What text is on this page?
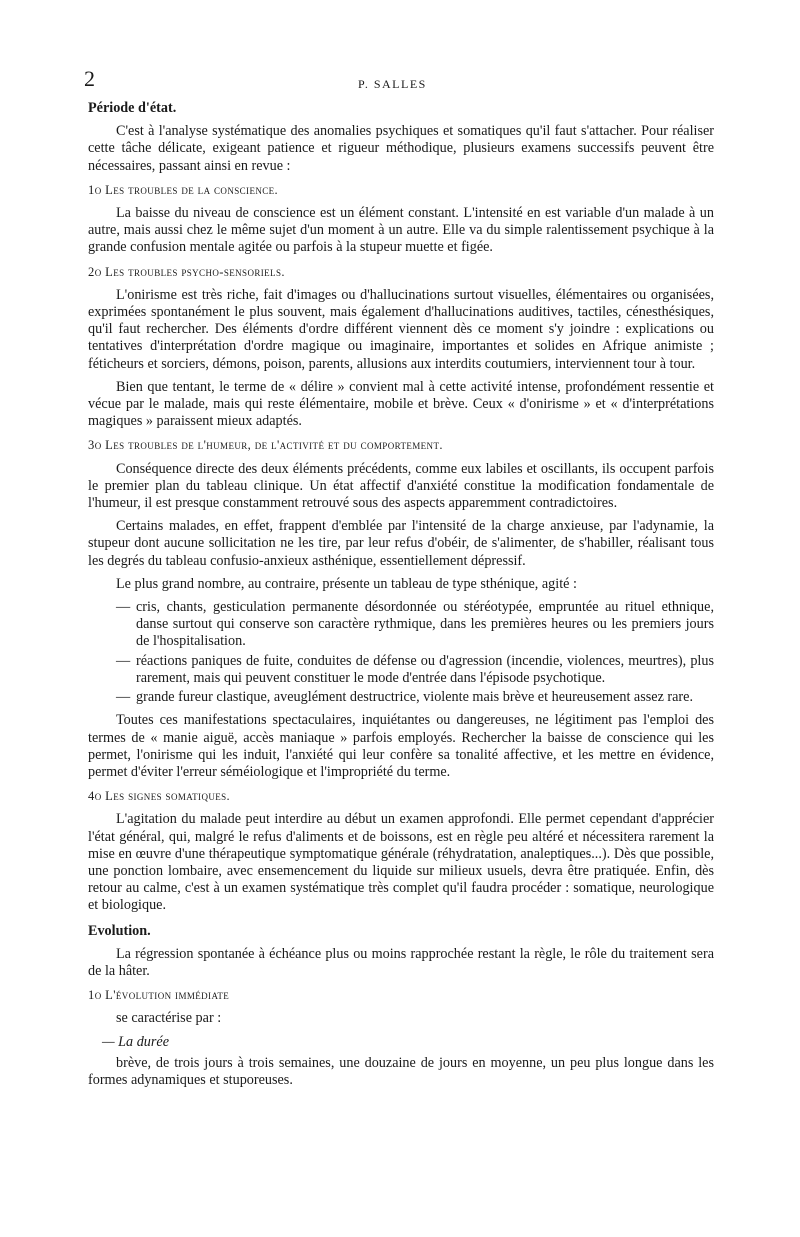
2	P. SALLES
Période d'état.

C'est à l'analyse systématique des anomalies psychiques et somatiques qu'il faut s'attacher. Pour réaliser cette tâche délicate, exigeant patience et rigueur méthodique, plusieurs examens successifs peuvent être nécessaires, passant ainsi en revue :

1o Les troubles de la conscience.

La baisse du niveau de conscience est un élément constant. L'intensité en est variable d'un malade à un autre, mais aussi chez le même sujet d'un moment à un autre. Elle va du simple ralentissement psychique à la grande confusion mentale agitée ou parfois à la stupeur muette et figée.

2o Les troubles psycho-sensoriels.

L'onirisme est très riche, fait d'images ou d'hallucinations surtout visuelles, élémentaires ou organisées, exprimées spontanément le plus souvent, mais également d'hallucinations auditives, tactiles, cénesthésiques, qu'il faut rechercher. Des éléments d'ordre différent viennent dès ce moment s'y joindre : explications ou tentatives d'interprétation d'ordre magique ou imaginaire, importantes et solides en Afrique animiste ; féticheurs et sorciers, démons, poison, parents, allusions aux interdits coutumiers, interviennent tour à tour.

Bien que tentant, le terme de « délire » convient mal à cette activité intense, profondément ressentie et vécue par le malade, mais qui reste élémentaire, mobile et brève. Ceux « d'onirisme » et « d'interprétations magiques » paraissent mieux adaptés.

3o Les troubles de l'humeur, de l'activité et du comportement.

Conséquence directe des deux éléments précédents, comme eux labiles et oscillants, ils occupent parfois le premier plan du tableau clinique. Un état affectif d'anxiété constitue la modification fondamentale de l'humeur, il est presque constamment retrouvé sous des aspects apparemment contradictoires.

Certains malades, en effet, frappent d'emblée par l'intensité de la charge anxieuse, par l'adynamie, la stupeur dont aucune sollicitation ne les tire, par leur refus d'obéir, de s'alimenter, de s'habiller, réalisant tous les degrés du tableau confusio-anxieux asthénique, essentiellement dépressif.

Le plus grand nombre, au contraire, présente un tableau de type sthénique, agité :

— cris, chants, gesticulation permanente désordonnée ou stéréotypée, empruntée au rituel ethnique, danse surtout qui conserve son caractère rythmique, dans les premières heures ou les premiers jours de l'hospitalisation.
— réactions paniques de fuite, conduites de défense ou d'agression (incendie, violences, meurtres), plus rarement, mais qui peuvent constituer le mode d'entrée dans l'épisode psychotique.
— grande fureur clastique, aveuglément destructrice, violente mais brève et heureusement assez rare.

Toutes ces manifestations spectaculaires, inquiétantes ou dangereuses, ne légitiment pas l'emploi des termes de « manie aiguë, accès maniaque » parfois employés. Rechercher la baisse de conscience qui les permet, l'onirisme qui les induit, l'anxiété qui leur confère sa tonalité affective, et les mettre en évidence, permet d'éviter l'erreur séméiologique et l'impropriété du terme.

4o Les signes somatiques.

L'agitation du malade peut interdire au début un examen approfondi. Elle permet cependant d'apprécier l'état général, qui, malgré le refus d'aliments et de boissons, est en règle peu altéré et nécessitera rarement la mise en œuvre d'une thérapeutique symptomatique générale (réhydratation, analeptiques...). Dès que possible, une ponction lombaire, avec ensemencement du liquide sur milieux usuels, devra être pratiquée. Enfin, dès retour au calme, c'est à un examen systématique très complet qu'il faudra procéder : somatique, neurologique et biologique.

Evolution.

La régression spontanée à échéance plus ou moins rapprochée restant la règle, le rôle du traitement sera de la hâter.

1o L'évolution immédiate

se caractérise par :

— La durée

brève, de trois jours à trois semaines, une douzaine de jours en moyenne, un peu plus longue dans les formes adynamiques et stuporeuses.
